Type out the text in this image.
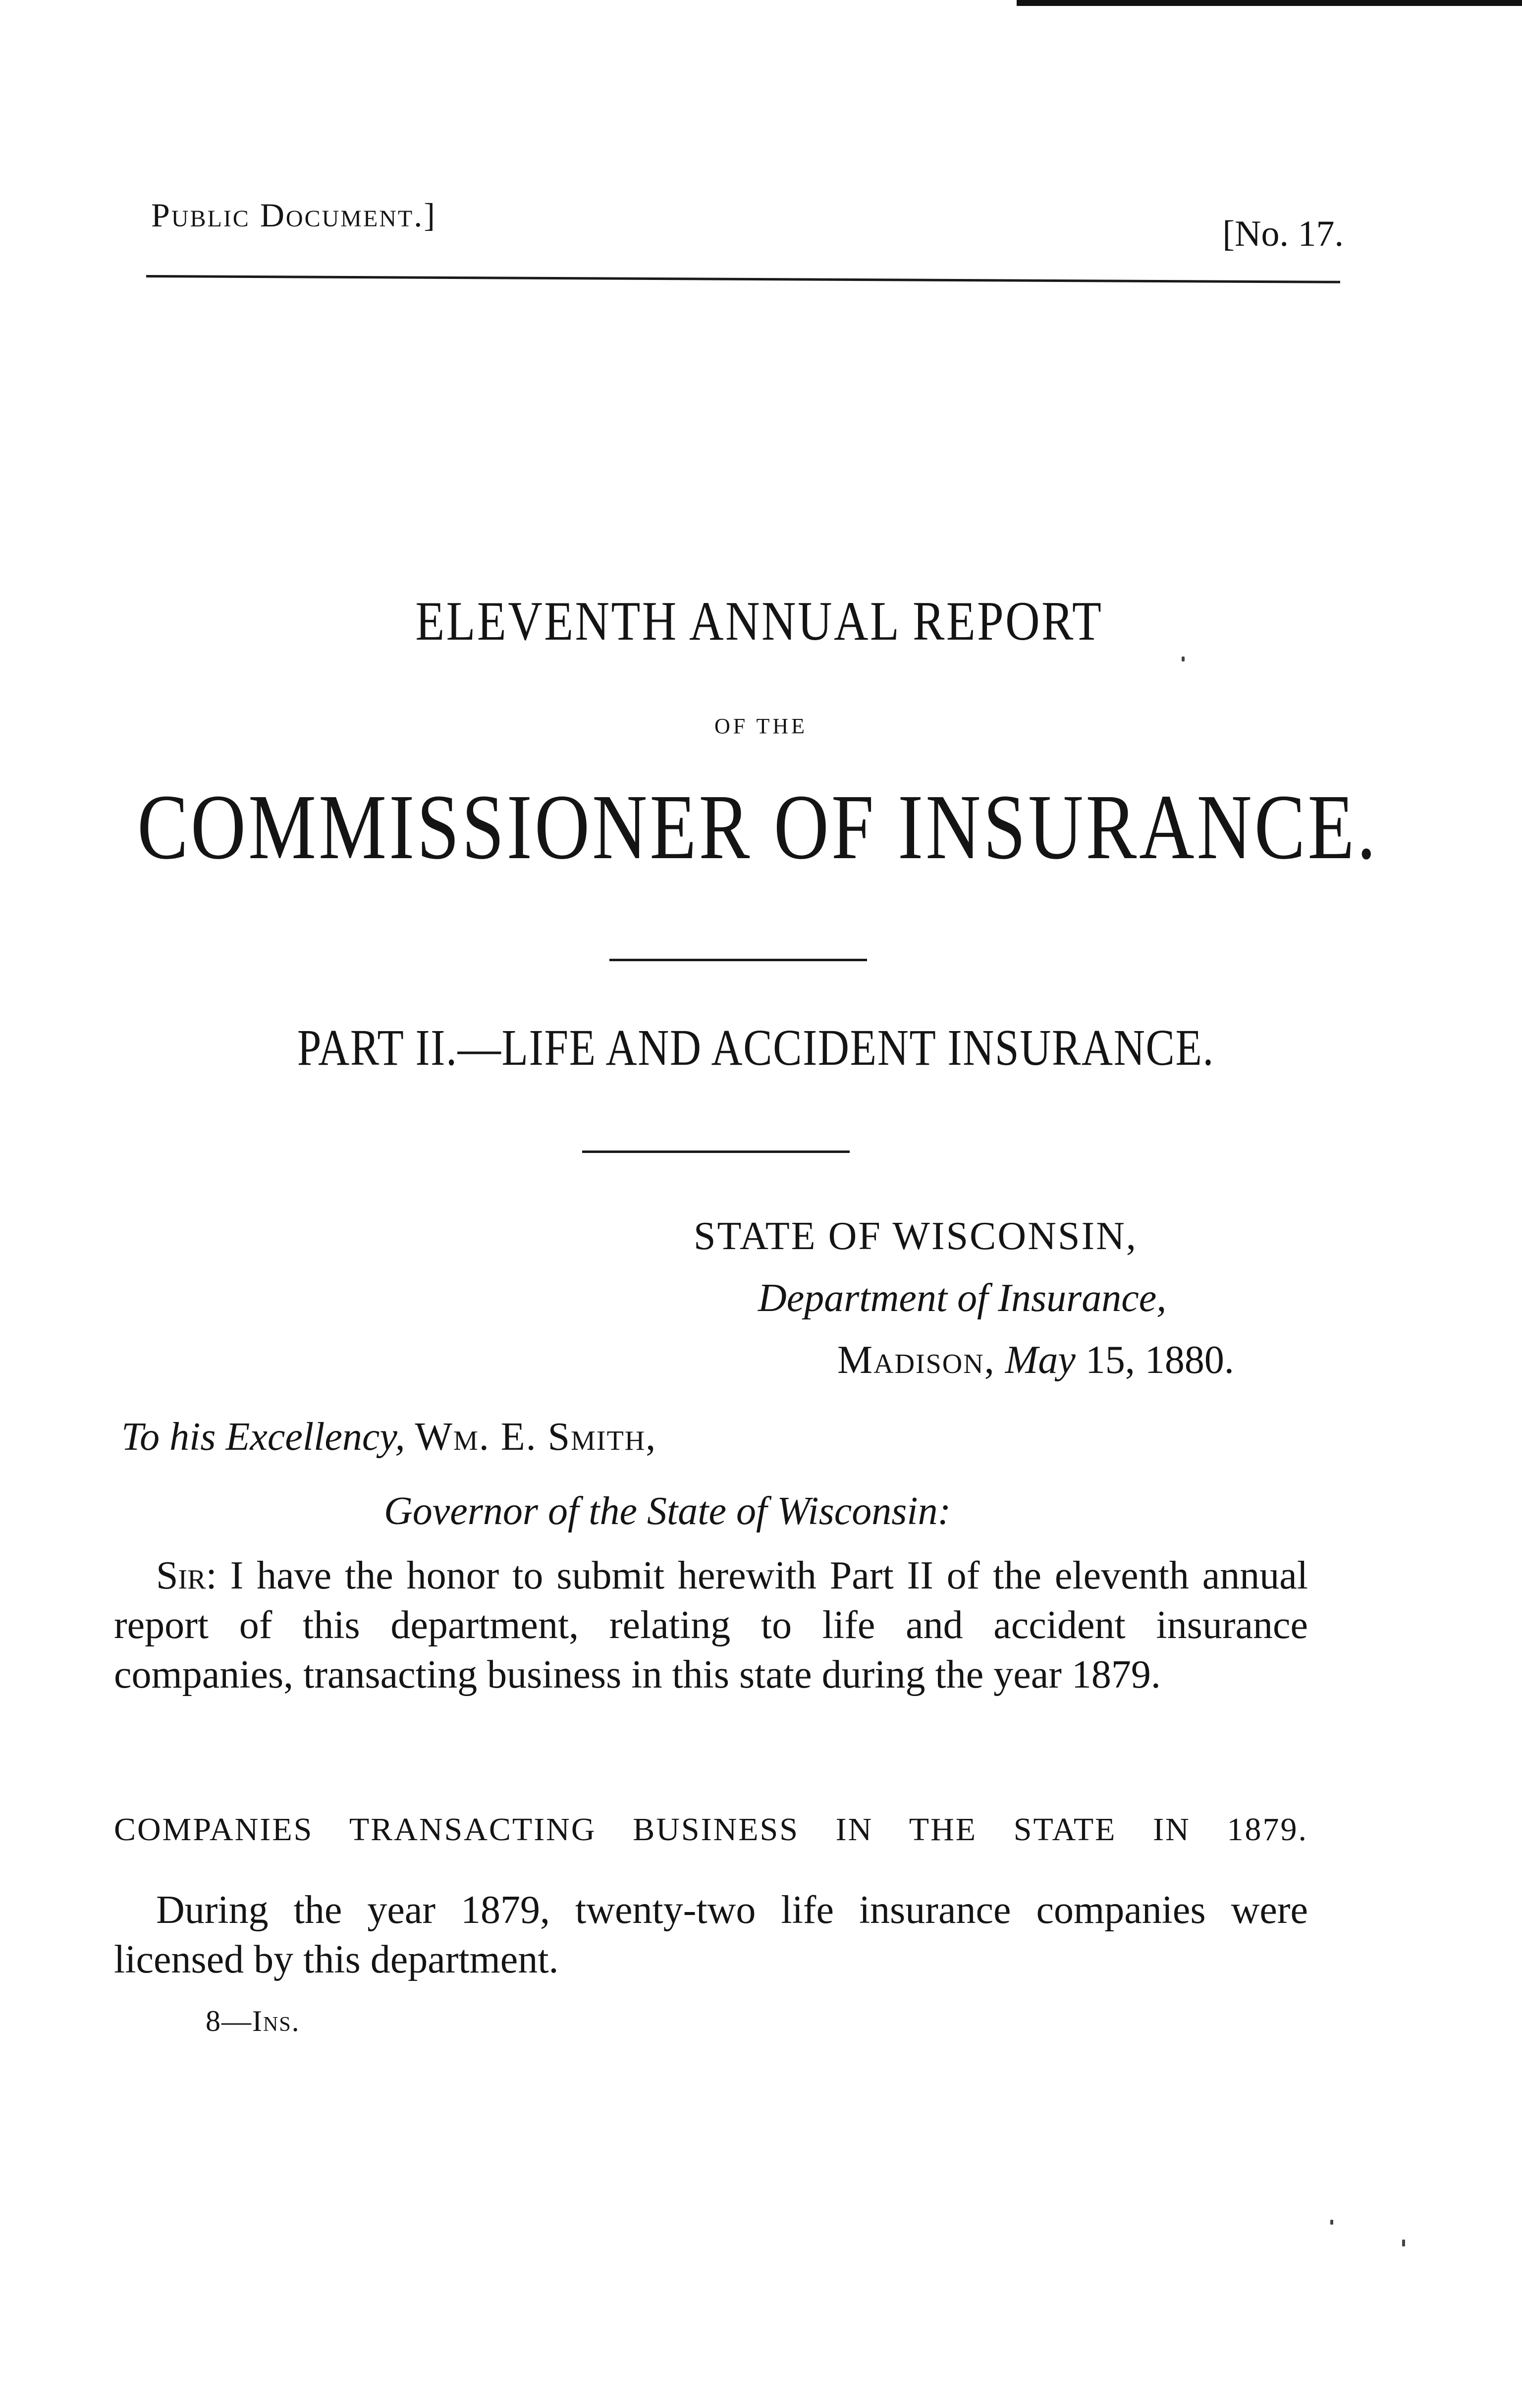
Public Document.]	[No. 17.
ELEVENTH ANNUAL REPORT
OF THE
COMMISSIONER OF INSURANCE.
PART II.—LIFE AND ACCIDENT INSURANCE.
STATE OF WISCONSIN,
Department of Insurance,
Madison, May 15, 1880.
To his Excellency, Wm. E. Smith,
Governor of the State of Wisconsin:

Sir: I have the honor to submit herewith Part II of the eleventh annual report of this department, relating to life and accident insurance companies, transacting business in this state during the year 1879.

COMPANIES TRANSACTING BUSINESS IN THE STATE IN 1879.

During the year 1879, twenty-two life insurance companies were licensed by this department.

8—Ins.
